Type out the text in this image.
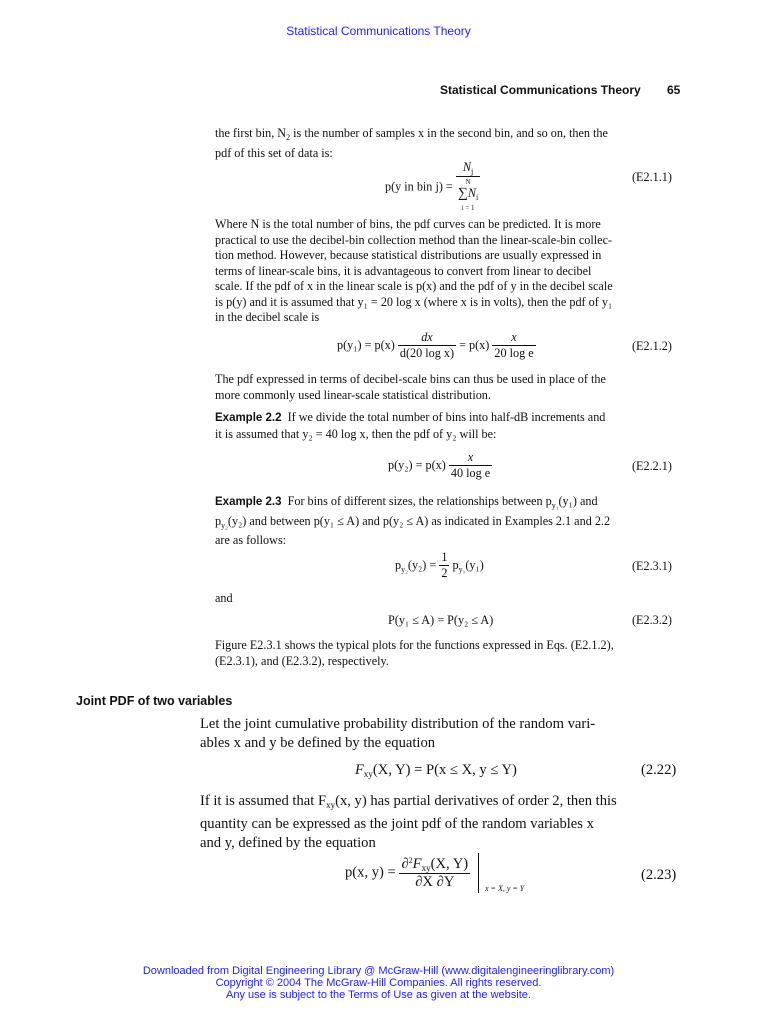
Statistical Communications Theory
Statistical Communications Theory 65
the first bin, $N_2$ is the number of samples x in the second bin, and so on, then the
pdf of this set of data is:
p(y in bin $j) = N_j$
N
$\sum N_i$
i = 1	(E2.1.1)
Where N is the total number of bins, the pdf curves can be predicted. It is more
practical to use the decibel-bin collection method than the linear-scale-bin collec-
tion method. However, because statistical distributions are usually expressed in
terms of linear-scale bins, it is advantageous to convert from linear to decibel
scale. If the pdf of x in the linear scale is p(x) and the pdf of y in the decibel scale
is p(y) and it is assumed that y₁ = 20 log x (where x is in volts), then the pdf of y₁
in the decibel scale is
$p(y_1) = p(x) \frac{dx}{\text{d(20 log x)}} = p(x) \frac{x}{\text{20 log e}}$	(E2.1.2)
The pdf expressed in terms of decibel-scale bins can thus be used in place of the
more commonly used linear-scale statistical distribution.
Example 2.2 If we divide the total number of bins into half-dB increments and
it is assumed that y₂ = 40 log x, then the pdf of y₂ will be:
$p(y_2) = p(x) \frac{x}{\text{40 log e}}$	(E2.2.1)
Example 2.3 For bins of different sizes, the relationships between $p_{y_1}(y_1)$ and
$p_{y_2}(y_2)$ and between p(y₁ ≤ A) and p(y₂ ≤ A) as indicated in Examples 2.1 and 2.2
are as follows:
$p_{y_2}(y_2) = \frac{1}{2} p_{y_1}(y_1)$	(E2.3.1)
and
P(y₁ ≤ A) = P(y₂ ≤ A)	(E2.3.2)
Figure E2.3.1 shows the typical plots for the functions expressed in Eqs. (E2.1.2),
(E2.3.1), and (E2.3.2), respectively.
Joint PDF of two variables
Let the joint cumulative probability distribution of the random vari-
ables x and y be defined by the equation
$F_{xy}(X$, Y) = P(x ≤ X, y ≤ Y)	(2.22)
If it is assumed that $F_{xy}(x$, y) has partial derivatives of order 2, then this
quantity can be expressed as the joint pdf of the random variables x
and y, defined by the equation
p(x, $y) = \frac{\partial^2F_{xy}(X, Y)}{\partial X \partial Y}$
x = X, y = Y
(2.23)
Downloaded from Digital Engineering Library @ McGraw-Hill (www.digitalengineeringlibrary.com)
Copyright © 2004 The McGraw-Hill Companies. All rights reserved.
Any use is subject to the Terms of Use as given at the website.
